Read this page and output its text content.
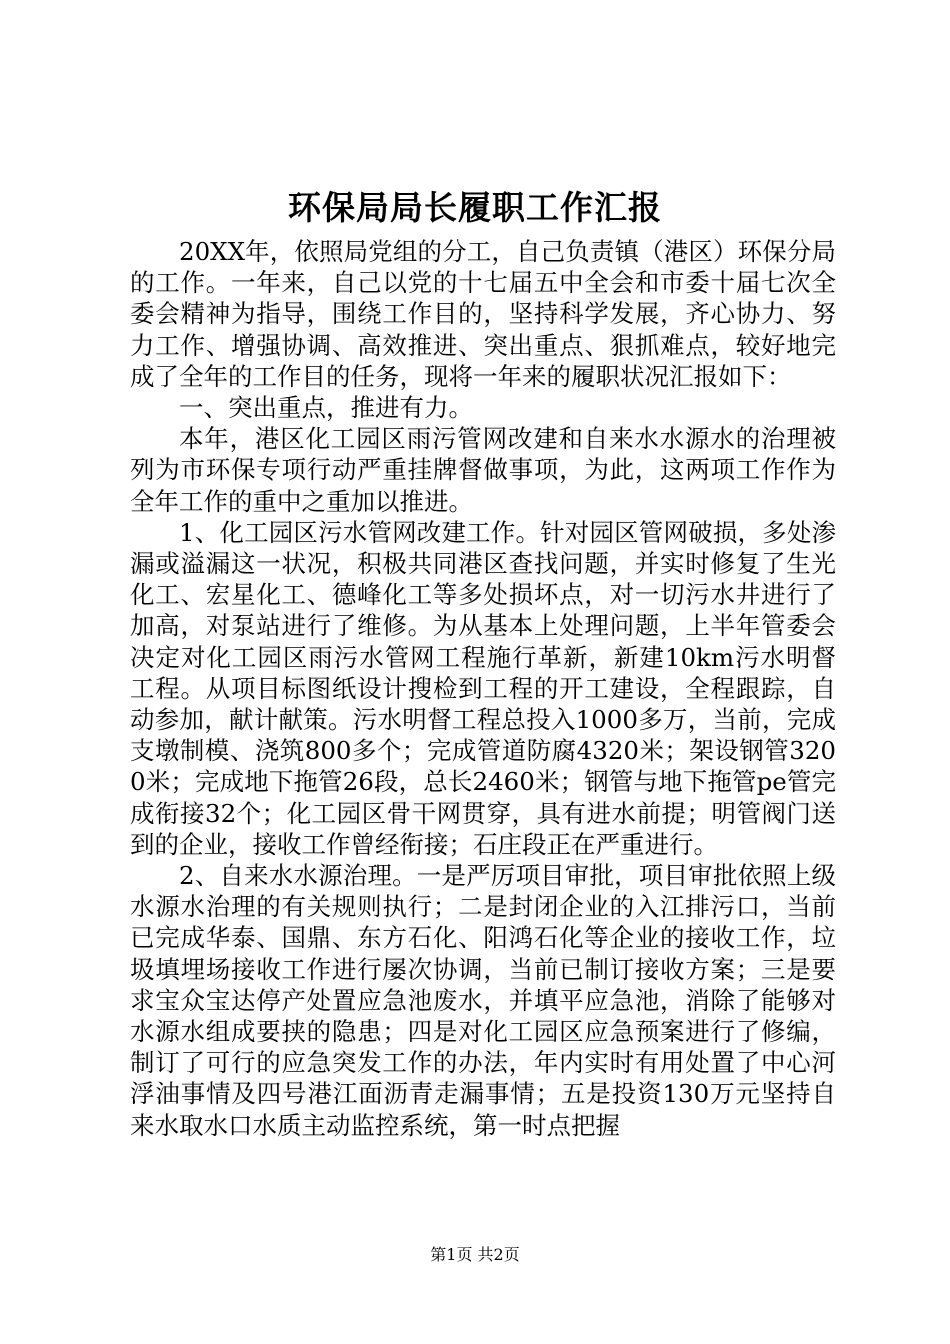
环保局局长履职工作汇报

20XX年，依照局党组的分工，自己负责镇（港区）环保分局的工作。一年来，自己以党的十七届五中全会和市委十届七次全委会精神为指导，围绕工作目的，坚持科学发展，齐心协力、努力工作、增强协调、高效推进、突出重点、狠抓难点，较好地完成了全年的工作目的任务，现将一年来的履职状况汇报如下：

一、突出重点，推进有力。

本年，港区化工园区雨污管网改建和自来水水源水的治理被列为市环保专项行动严重挂牌督做事项，为此，这两项工作作为全年工作的重中之重加以推进。

1、化工园区污水管网改建工作。针对园区管网破损，多处渗漏或溢漏这一状况，积极共同港区查找问题，并实时修复了生光化工、宏星化工、德峰化工等多处损坏点，对一切污水井进行了加高，对泵站进行了维修。为从基本上处理问题，上半年管委会决定对化工园区雨污水管网工程施行革新，新建10km污水明督工程。从项目标图纸设计搜检到工程的开工建设，全程跟踪，自动参加，献计献策。污水明督工程总投入1000多万，当前，完成支墩制模、浇筑800多个；完成管道防腐4320米；架设钢管3200米；完成地下拖管26段，总长2460米；钢管与地下拖管pe管完成衔接32个；化工园区骨干网贯穿，具有进水前提；明管阀门送到的企业，接收工作曾经衔接；石庄段正在严重进行。

2、自来水水源治理。一是严厉项目审批，项目审批依照上级水源水治理的有关规则执行；二是封闭企业的入江排污口，当前已完成华泰、国鼎、东方石化、阳鸿石化等企业的接收工作，垃圾填埋场接收工作进行屡次协调，当前已制订接收方案；三是要求宝众宝达停产处置应急池废水，并填平应急池，消除了能够对水源水组成要挟的隐患；四是对化工园区应急预案进行了修编，制订了可行的应急突发工作的办法，年内实时有用处置了中心河浮油事情及四号港江面沥青走漏事情；五是投资130万元坚持自来水取水口水质主动监控系统，第一时点把握

第1页 共2页
